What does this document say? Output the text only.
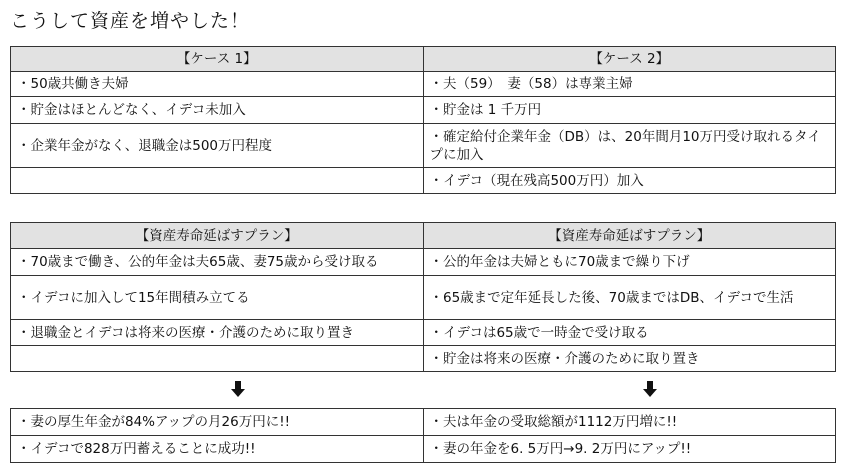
こうして資産を増やした！
【ケース 1】	【ケース 2】
・50歳共働き夫婦	・夫（59）　妻（58）は専業主婦
・貯金はほとんどなく、イデコ未加入	・貯金は 1 千万円
・企業年金がなく、退職金は500万円程度	・確定給付企業年金（DB）は、20年間月10万円受け取れるタイプに加入
	・イデコ（現在残高500万円）加入
【資産寿命延ばすプラン】	【資産寿命延ばすプラン】
・70歳まで働き、公的年金は夫65歳、妻75歳から受け取る	・公的年金は夫婦ともに70歳まで繰り下げ
・イデコに加入して15年間積み立てる	・65歳まで定年延長した後、70歳まではDB、イデコで生活
・退職金とイデコは将来の医療・介護のために取り置き	・イデコは65歳で一時金で受け取る
	・貯金は将来の医療・介護のために取り置き
・妻の厚生年金が84%アップの月26万円に!!	・夫は年金の受取総額が1112万円増に!!
・イデコで828万円蓄えることに成功!!	・妻の年金を6. 5万円→9. 2万円にアップ!!
